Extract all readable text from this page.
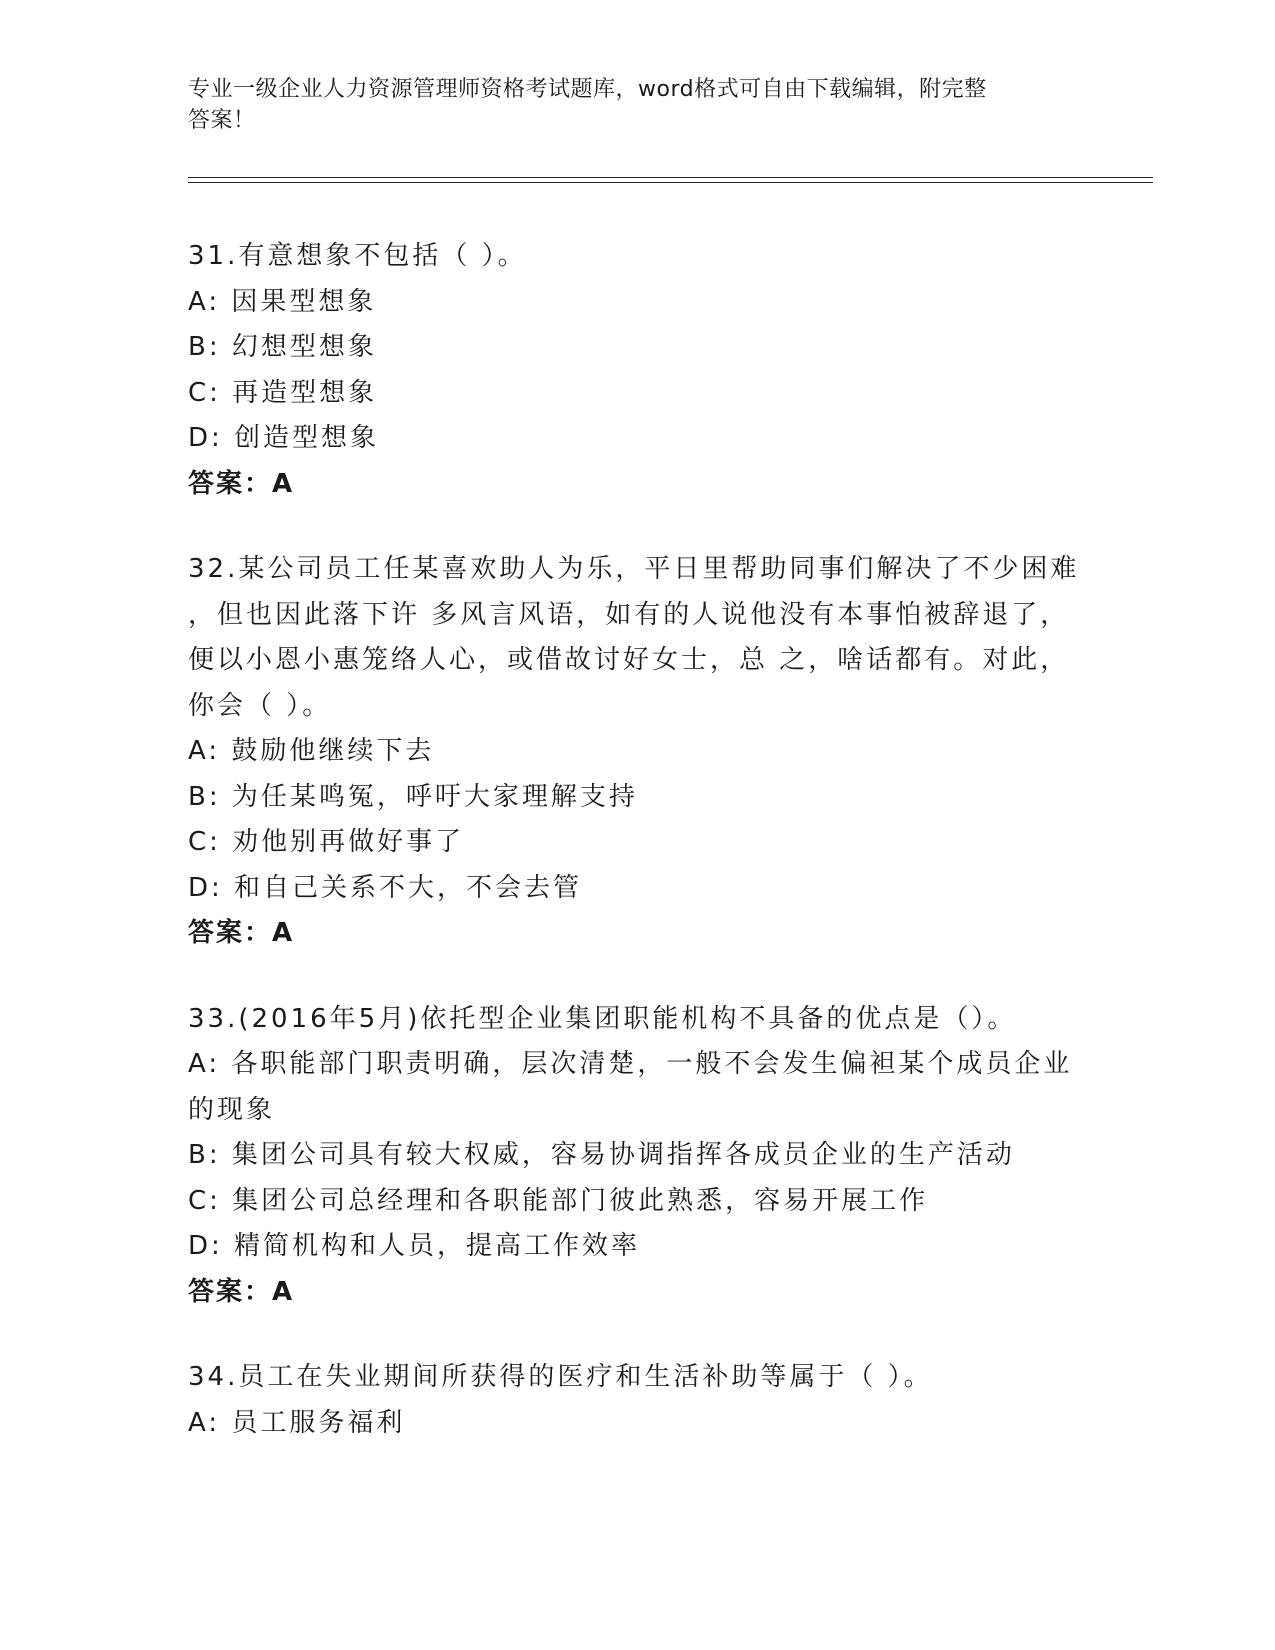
专业一级企业人力资源管理师资格考试题库，word格式可自由下载编辑，附完整
答案！
31.有意想象不包括（ ）。
A: 因果型想象
B: 幻想型想象
C: 再造型想象
D: 创造型想象
答案：A
32.某公司员工任某喜欢助人为乐，平日里帮助同事们解决了不少困难
，但也因此落下许 多风言风语，如有的人说他没有本事怕被辞退了，
便以小恩小惠笼络人心，或借故讨好女士，总 之，啥话都有。对此，
你会（ ）。
A: 鼓励他继续下去
B: 为任某鸣冤，呼吁大家理解支持
C: 劝他别再做好事了
D: 和自己关系不大，不会去管
答案：A
33.(2016年5月)依托型企业集团职能机构不具备的优点是（）。
A: 各职能部门职责明确，层次清楚，一般不会发生偏袒某个成员企业
的现象
B: 集团公司具有较大权威，容易协调指挥各成员企业的生产活动
C: 集团公司总经理和各职能部门彼此熟悉，容易开展工作
D: 精简机构和人员，提高工作效率
答案：A
34.员工在失业期间所获得的医疗和生活补助等属于（ ）。
A: 员工服务福利
